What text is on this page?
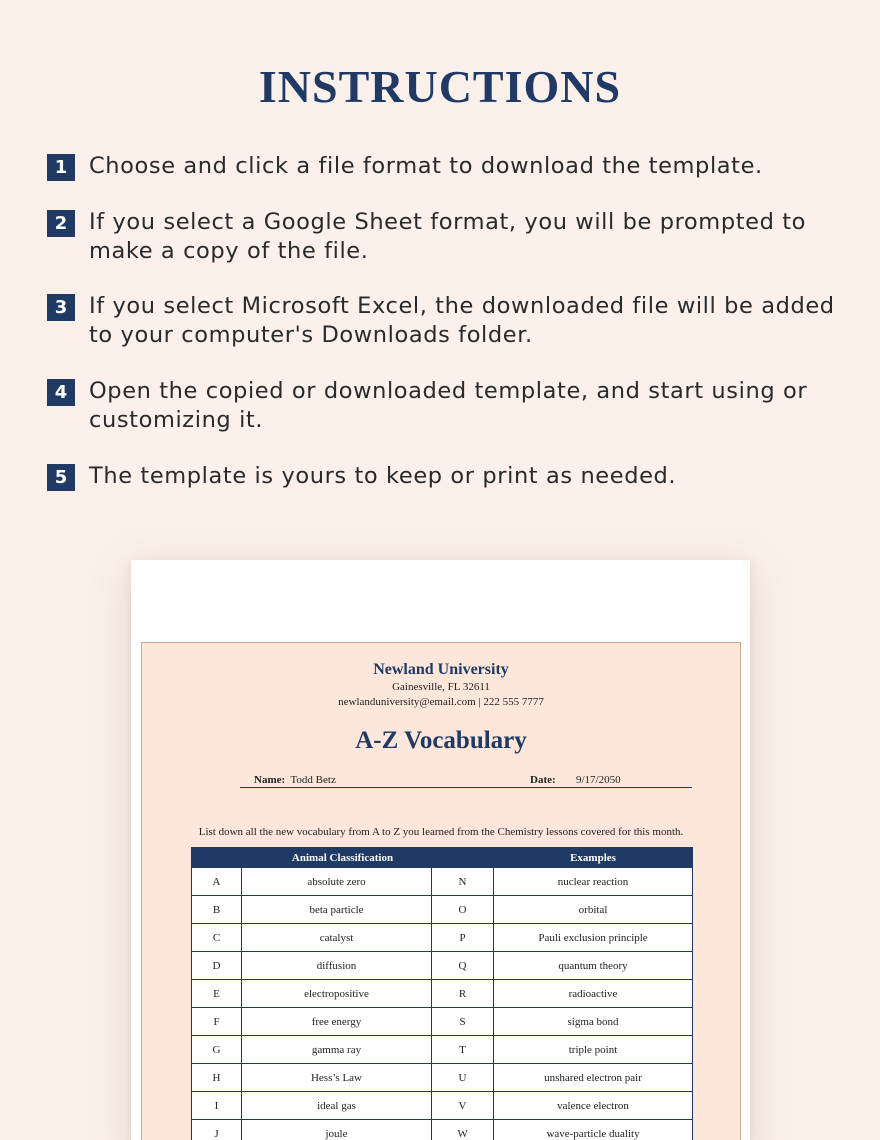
INSTRUCTIONS
1 Choose and click a file format to download the template.

2 If you select a Google Sheet format, you will be prompted to make a copy of the file.

3 If you select Microsoft Excel, the downloaded file will be added to your computer's Downloads folder.

4 Open the copied or downloaded template, and start using or customizing it.

5 The template is yours to keep or print as needed.

Newland University
Gainesville, FL 32611
newlanduniversity@email.com | 222 555 7777
A-Z Vocabulary
Name: Todd Betz	Date: 9/17/2050
List down all the new vocabulary from A to Z you learned from the Chemistry lessons covered for this month.
Animal Classification			Examples
A	absolute zero	N	nuclear reaction
B	beta particle	O	orbital
C	catalyst	P	Pauli exclusion principle
D	diffusion	Q	quantum theory
E	electropositive	R	radioactive
F	free energy	S	sigma bond
G	gamma ray	T	triple point
H	Hess’s Law	U	unshared electron pair
I	ideal gas	V	valence electron
J	joule	W	wave-particle duality
